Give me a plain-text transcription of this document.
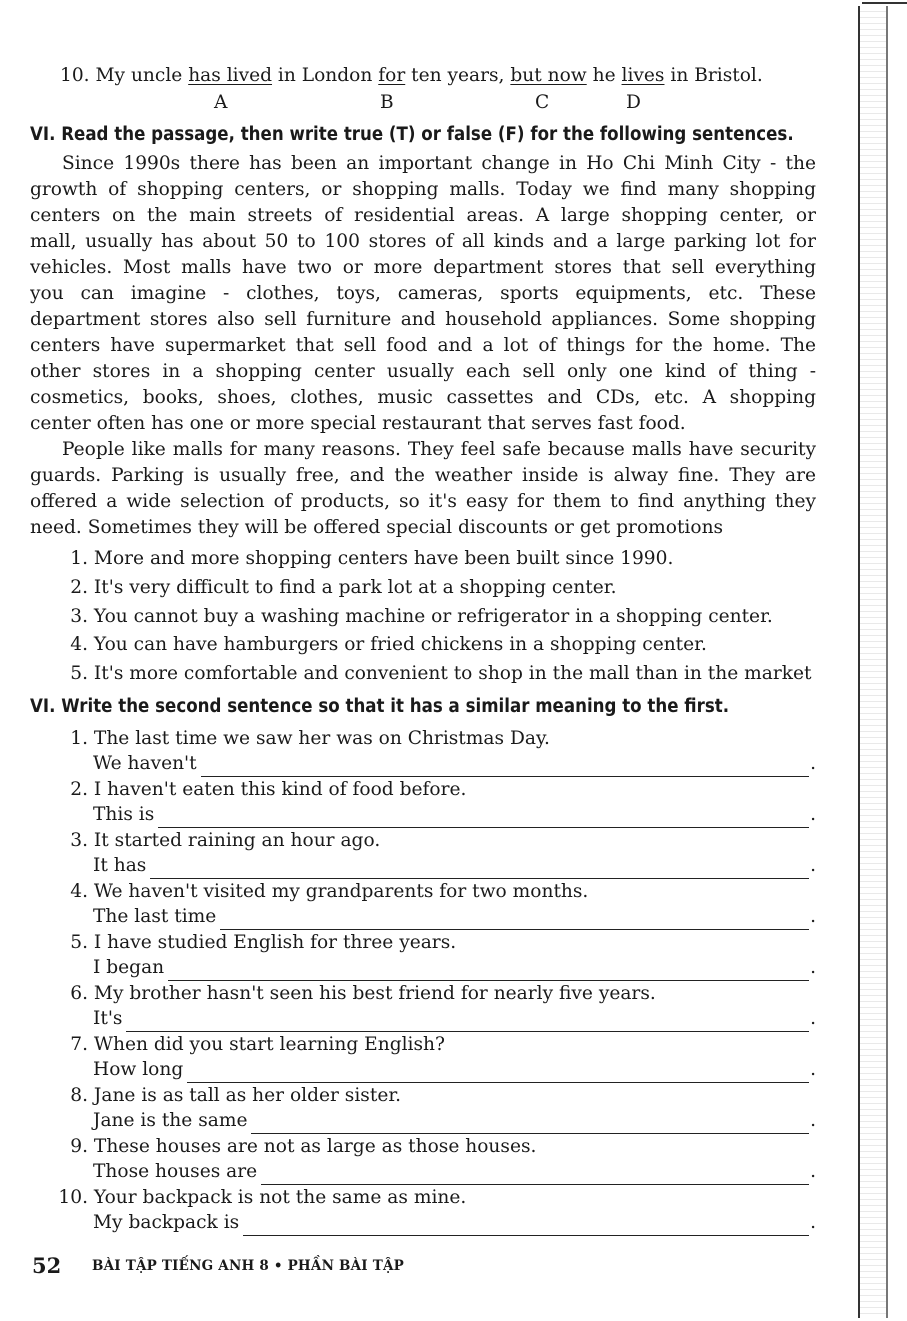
10. My uncle has lived in London for ten years, but now he lives in Bristol.
A	B	C	D
VI. Read the passage, then write true (T) or false (F) for the following sentences.
Since 1990s there has been an important change in Ho Chi Minh City - the
growth of shopping centers, or shopping malls. Today we find many shopping
centers on the main streets of residential areas. A large shopping center, or
mall, usually has about 50 to 100 stores of all kinds and a large parking lot for
vehicles. Most malls have two or more department stores that sell everything
you can imagine - clothes, toys, cameras, sports equipments, etc. These
department stores also sell furniture and household appliances. Some shopping
centers have supermarket that sell food and a lot of things for the home. The
other stores in a shopping center usually each sell only one kind of thing -
cosmetics, books, shoes, clothes, music cassettes and CDs, etc. A shopping
center often has one or more special restaurant that serves fast food.
People like malls for many reasons. They feel safe because malls have security
guards. Parking is usually free, and the weather inside is alway fine. They are
offered a wide selection of products, so it's easy for them to find anything they
need. Sometimes they will be offered special discounts or get promotions
1. More and more shopping centers have been built since 1990.
2. It's very difficult to find a park lot at a shopping center.
3. You cannot buy a washing machine or refrigerator in a shopping center.
4. You can have hamburgers or fried chickens in a shopping center.
5. It's more comfortable and convenient to shop in the mall than in the market
VI. Write the second sentence so that it has a similar meaning to the first.
1. The last time we saw her was on Christmas Day.
We haven't	.
2. I haven't eaten this kind of food before.
This is	.
3. It started raining an hour ago.
It has	.
4. We haven't visited my grandparents for two months.
The last time	.
5. I have studied English for three years.
I began	.
6. My brother hasn't seen his best friend for nearly five years.
It's	.
7. When did you start learning English?
How long	.
8. Jane is as tall as her older sister.
Jane is the same	.
9. These houses are not as large as those houses.
Those houses are	.
10. Your backpack is not the same as mine.
My backpack is	.
52 BÀI TẬP TIẾNG ANH 8 • PHẦN BÀI TẬP
